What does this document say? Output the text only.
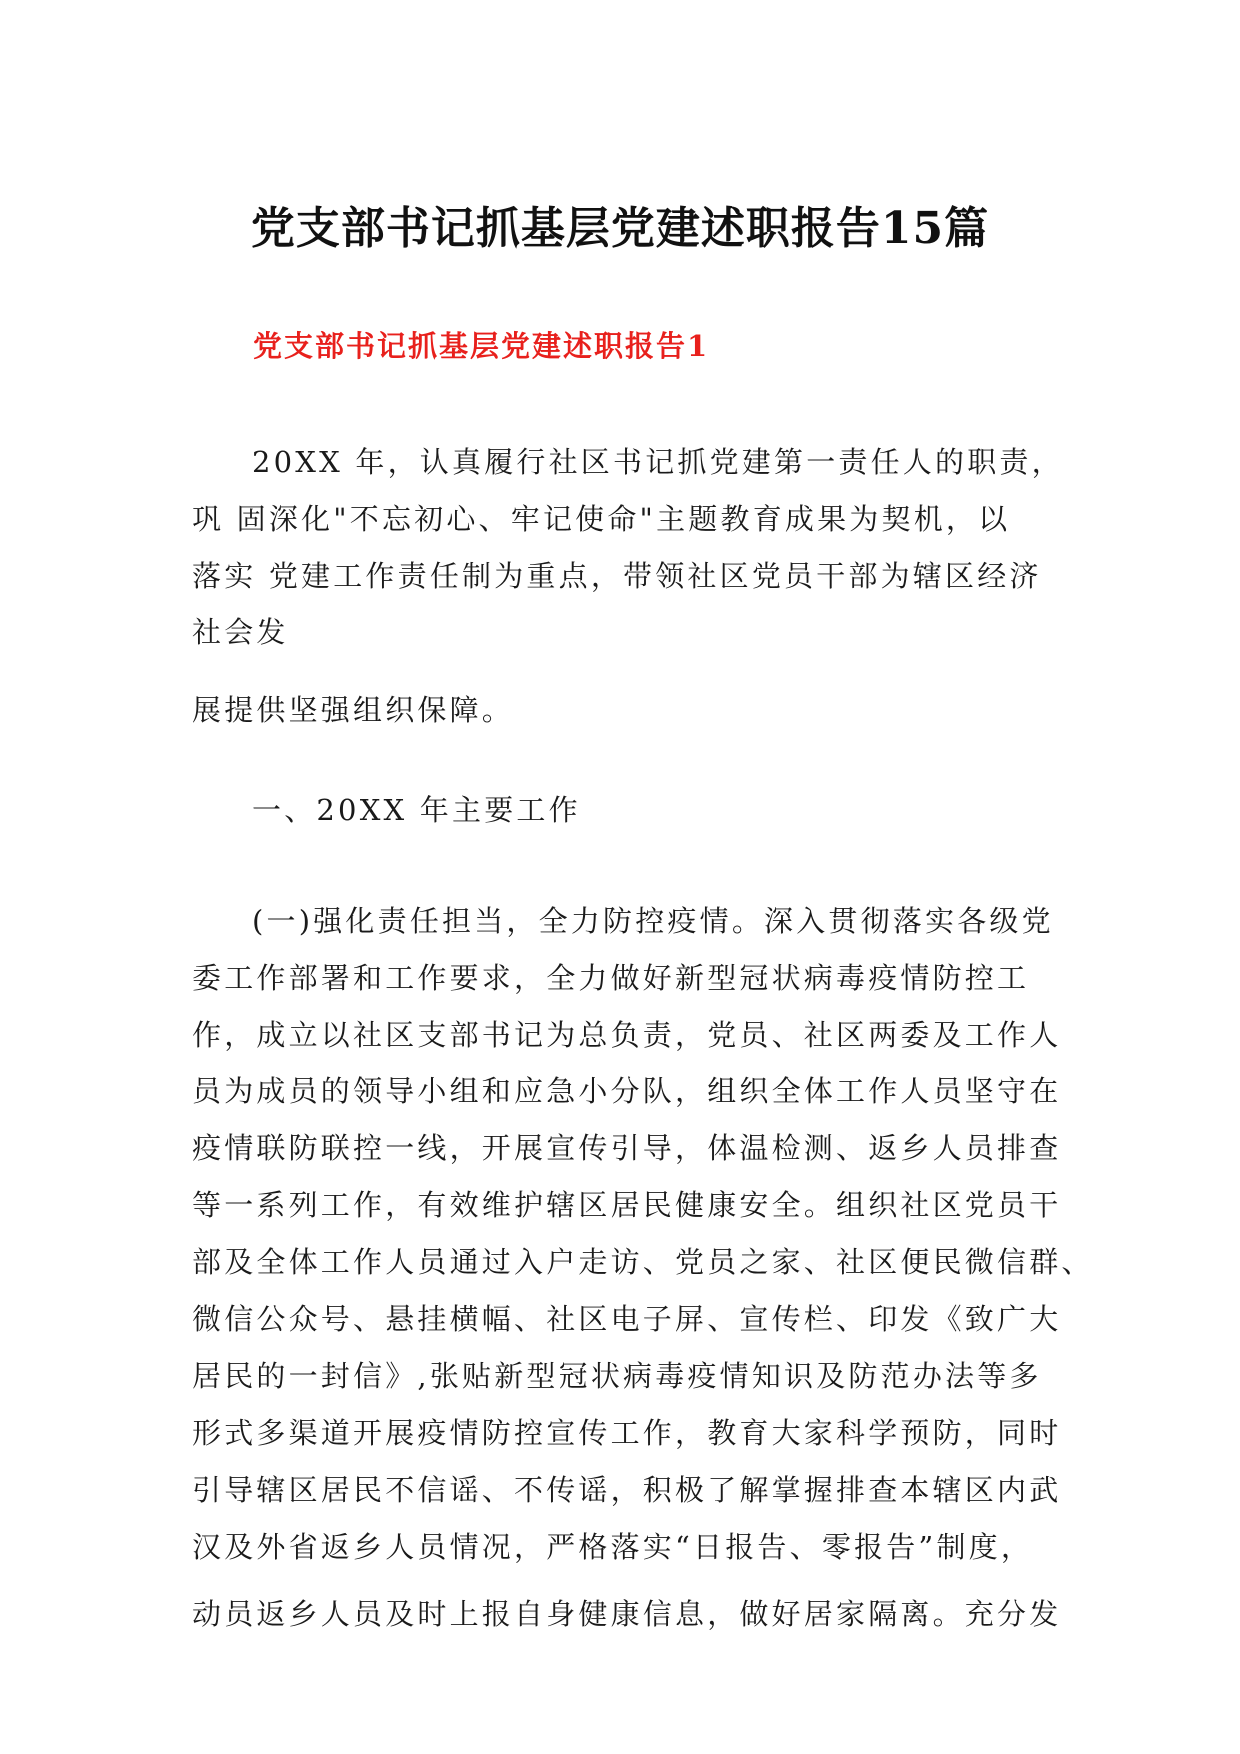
党支部书记抓基层党建述职报告15篇
党支部书记抓基层党建述职报告1
20XX 年，认真履行社区书记抓党建第一责任人的职责，
巩 固深化"不忘初心、牢记使命"主题教育成果为契机，以
落实 党建工作责任制为重点，带领社区党员干部为辖区经济
社会发
展提供坚强组织保障。
一、20XX 年主要工作
(一)强化责任担当，全力防控疫情。深入贯彻落实各级党
委工作部署和工作要求，全力做好新型冠状病毒疫情防控工
作，成立以社区支部书记为总负责，党员、社区两委及工作人
员为成员的领导小组和应急小分队，组织全体工作人员坚守在
疫情联防联控一线，开展宣传引导，体温检测、返乡人员排查
等一系列工作，有效维护辖区居民健康安全。组织社区党员干
部及全体工作人员通过入户走访、党员之家、社区便民微信群、
微信公众号、悬挂横幅、社区电子屏、宣传栏、印发《致广大
居民的一封信》,张贴新型冠状病毒疫情知识及防范办法等多
形式多渠道开展疫情防控宣传工作，教育大家科学预防，同时
引导辖区居民不信谣、不传谣，积极了解掌握排查本辖区内武
汉及外省返乡人员情况，严格落实“日报告、零报告”制度，
动员返乡人员及时上报自身健康信息，做好居家隔离。充分发
